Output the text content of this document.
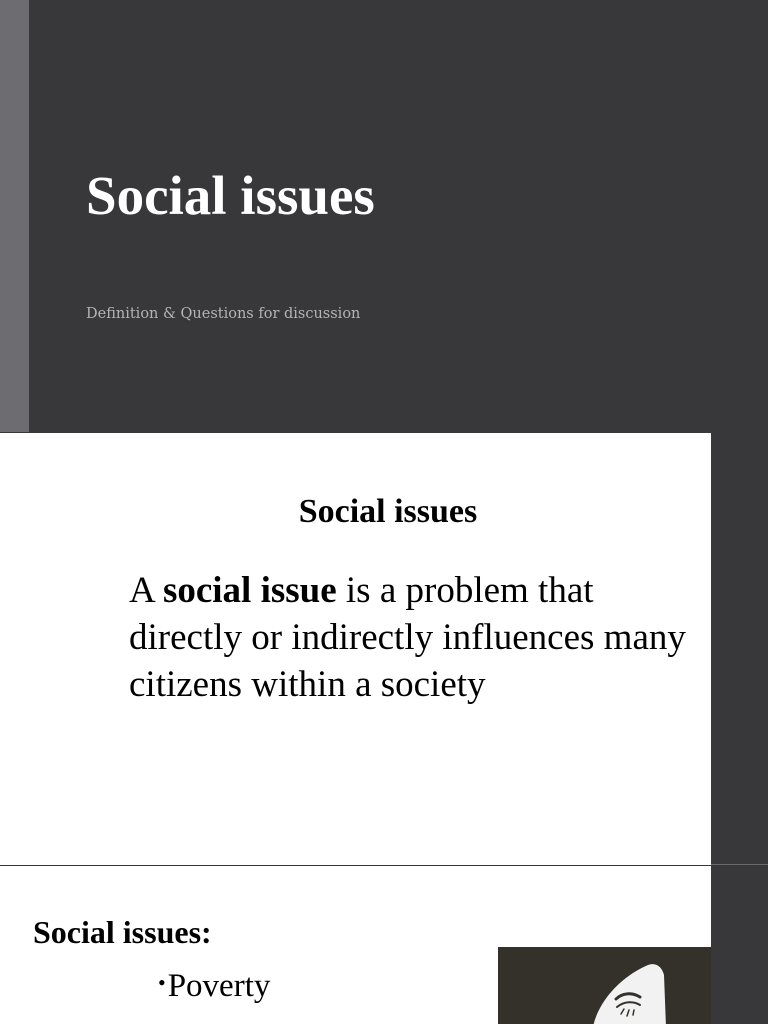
Social issues
Definition & Questions for discussion
Social issues
A social issue is a problem that directly or indirectly influences many citizens within a society
Social issues:
•Poverty
